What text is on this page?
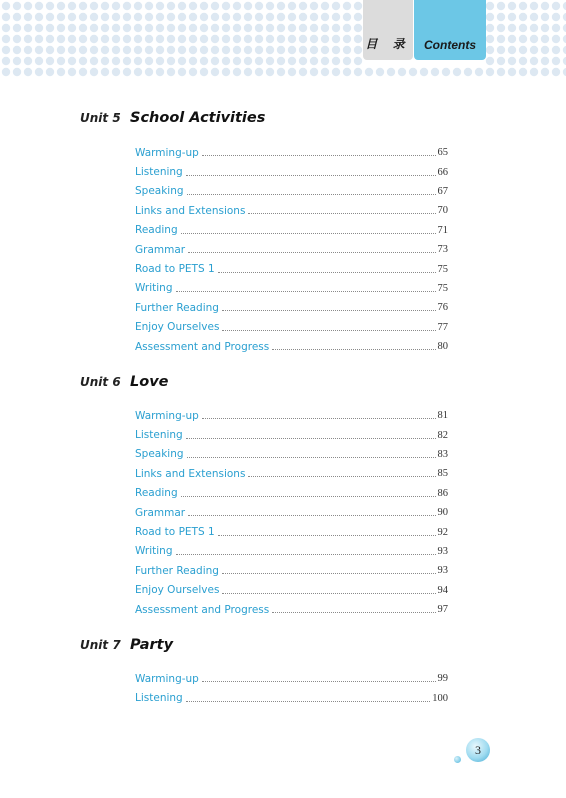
目 录 Contents
Unit 5 School Activities
Warming-up	65
Listening	66
Speaking	67
Links and Extensions	70
Reading	71
Grammar	73
Road to PETS 1	75
Writing	75
Further Reading	76
Enjoy Ourselves	77
Assessment and Progress	80
Unit 6 Love
Warming-up	81
Listening	82
Speaking	83
Links and Extensions	85
Reading	86
Grammar	90
Road to PETS 1	92
Writing	93
Further Reading	93
Enjoy Ourselves	94
Assessment and Progress	97
Unit 7 Party
Warming-up	99
Listening	100
3
